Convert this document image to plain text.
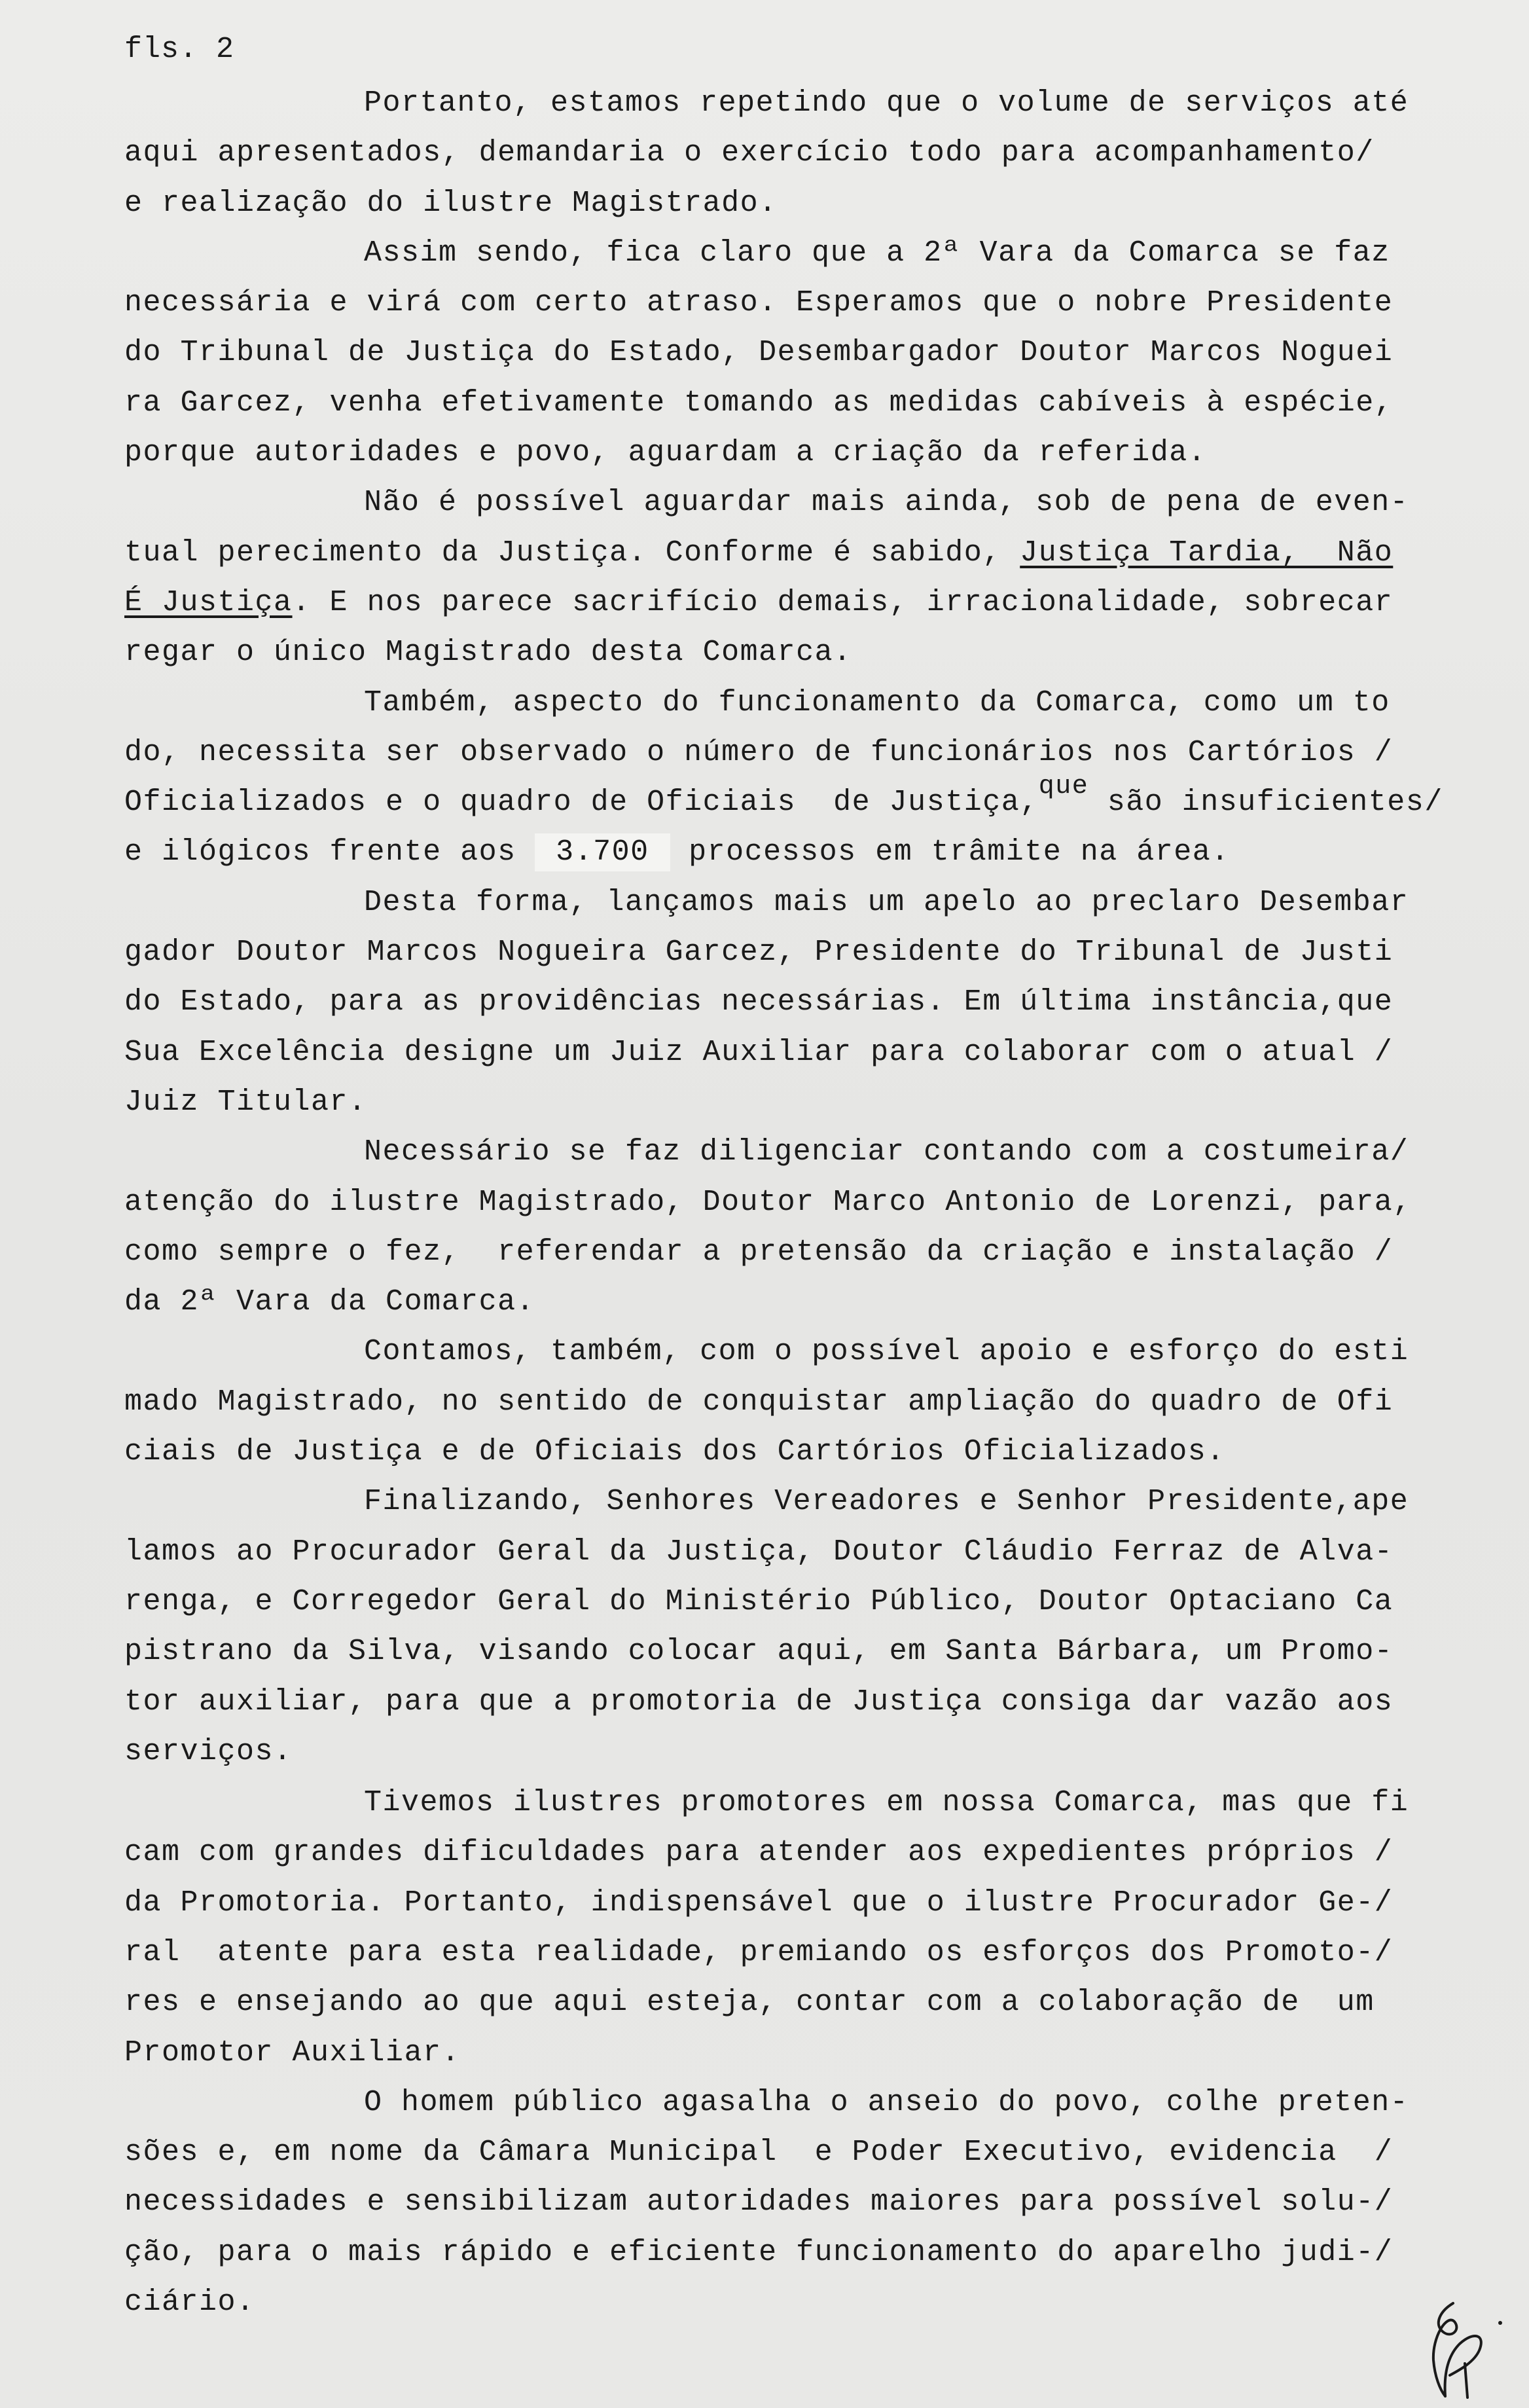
fls. 2
Portanto, estamos repetindo que o volume de serviços até
aqui apresentados, demandaria o exercício todo para acompanhamento/
e realização do ilustre Magistrado.
Assim sendo, fica claro que a 2ª Vara da Comarca se faz
necessária e virá com certo atraso. Esperamos que o nobre Presidente
do Tribunal de Justiça do Estado, Desembargador Doutor Marcos Noguei
ra Garcez, venha efetivamente tomando as medidas cabíveis à espécie,
porque autoridades e povo, aguardam a criação da referida.
Não é possível aguardar mais ainda, sob de pena de even-
tual perecimento da Justiça. Conforme é sabido, Justiça Tardia,  Não
É Justiça. E nos parece sacrifício demais, irracionalidade, sobrecar
regar o único Magistrado desta Comarca.
Também, aspecto do funcionamento da Comarca, como um to
do, necessita ser observado o número de funcionários nos Cartórios /
Oficializados e o quadro de Oficiais  de Justiça,que são insuficientes/
e ilógicos frente aos 3.700 processos em trâmite na área.
Desta forma, lançamos mais um apelo ao preclaro Desembar
gador Doutor Marcos Nogueira Garcez, Presidente do Tribunal de Justi
do Estado, para as providências necessárias. Em última instância,que
Sua Excelência designe um Juiz Auxiliar para colaborar com o atual /
Juiz Titular.
Necessário se faz diligenciar contando com a costumeira/
atenção do ilustre Magistrado, Doutor Marco Antonio de Lorenzi, para,
como sempre o fez,  referendar a pretensão da criação e instalação /
da 2ª Vara da Comarca.
Contamos, também, com o possível apoio e esforço do esti
mado Magistrado, no sentido de conquistar ampliação do quadro de Ofi
ciais de Justiça e de Oficiais dos Cartórios Oficializados.
Finalizando, Senhores Vereadores e Senhor Presidente,ape
lamos ao Procurador Geral da Justiça, Doutor Cláudio Ferraz de Alva-
renga, e Corregedor Geral do Ministério Público, Doutor Optaciano Ca
pistrano da Silva, visando colocar aqui, em Santa Bárbara, um Promo-
tor auxiliar, para que a promotoria de Justiça consiga dar vazão aos
serviços.
Tivemos ilustres promotores em nossa Comarca, mas que fi
cam com grandes dificuldades para atender aos expedientes próprios /
da Promotoria. Portanto, indispensável que o ilustre Procurador Ge-/
ral  atente para esta realidade, premiando os esforços dos Promoto-/
res e ensejando ao que aqui esteja, contar com a colaboração de  um
Promotor Auxiliar.
O homem público agasalha o anseio do povo, colhe preten-
sões e, em nome da Câmara Municipal  e Poder Executivo, evidencia  /
necessidades e sensibilizam autoridades maiores para possível solu-/
ção, para o mais rápido e eficiente funcionamento do aparelho judi-/
ciário.
